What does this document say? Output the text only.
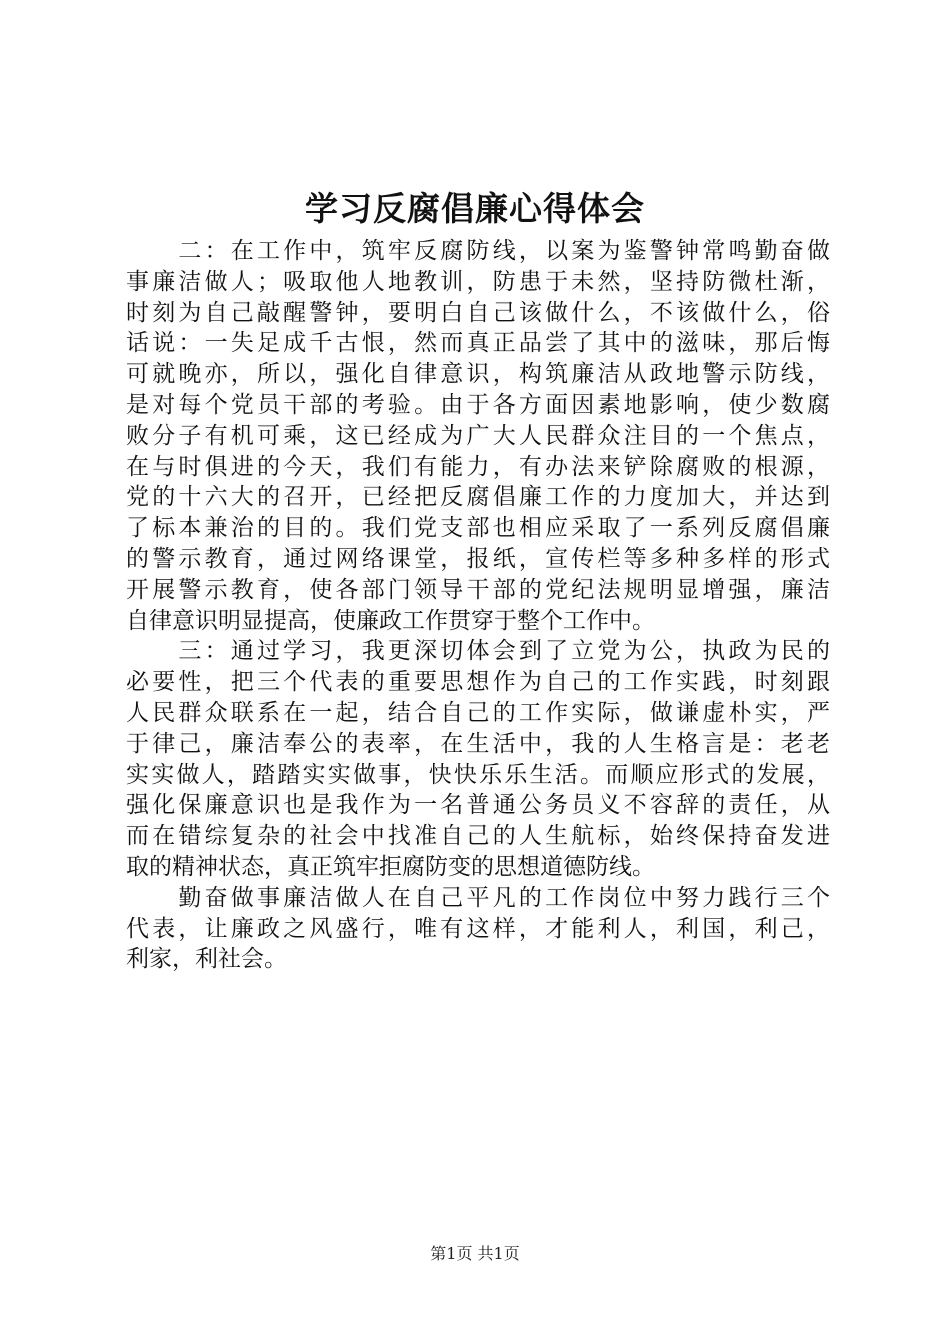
学习反腐倡廉心得体会
　　二：在工作中，筑牢反腐防线，以案为鉴警钟常鸣勤奋做
事廉洁做人；吸取他人地教训，防患于未然，坚持防微杜渐，
时刻为自己敲醒警钟，要明白自己该做什么，不该做什么，俗
话说：一失足成千古恨，然而真正品尝了其中的滋味，那后悔
可就晚亦，所以，强化自律意识，构筑廉洁从政地警示防线，
是对每个党员干部的考验。由于各方面因素地影响，使少数腐
败分子有机可乘，这已经成为广大人民群众注目的一个焦点，
在与时俱进的今天，我们有能力，有办法来铲除腐败的根源，
党的十六大的召开，已经把反腐倡廉工作的力度加大，并达到
了标本兼治的目的。我们党支部也相应采取了一系列反腐倡廉
的警示教育，通过网络课堂，报纸，宣传栏等多种多样的形式
开展警示教育，使各部门领导干部的党纪法规明显增强，廉洁
自律意识明显提高，使廉政工作贯穿于整个工作中。
　　三：通过学习，我更深切体会到了立党为公，执政为民的
必要性，把三个代表的重要思想作为自己的工作实践，时刻跟
人民群众联系在一起，结合自己的工作实际，做谦虚朴实，严
于律己，廉洁奉公的表率，在生活中，我的人生格言是：老老
实实做人，踏踏实实做事，快快乐乐生活。而顺应形式的发展，
强化保廉意识也是我作为一名普通公务员义不容辞的责任，从
而在错综复杂的社会中找准自己的人生航标，始终保持奋发进
取的精神状态，真正筑牢拒腐防变的思想道德防线。
　　勤奋做事廉洁做人在自己平凡的工作岗位中努力践行三个
代表，让廉政之风盛行，唯有这样，才能利人，利国，利己，
利家，利社会。
第1页 共1页
